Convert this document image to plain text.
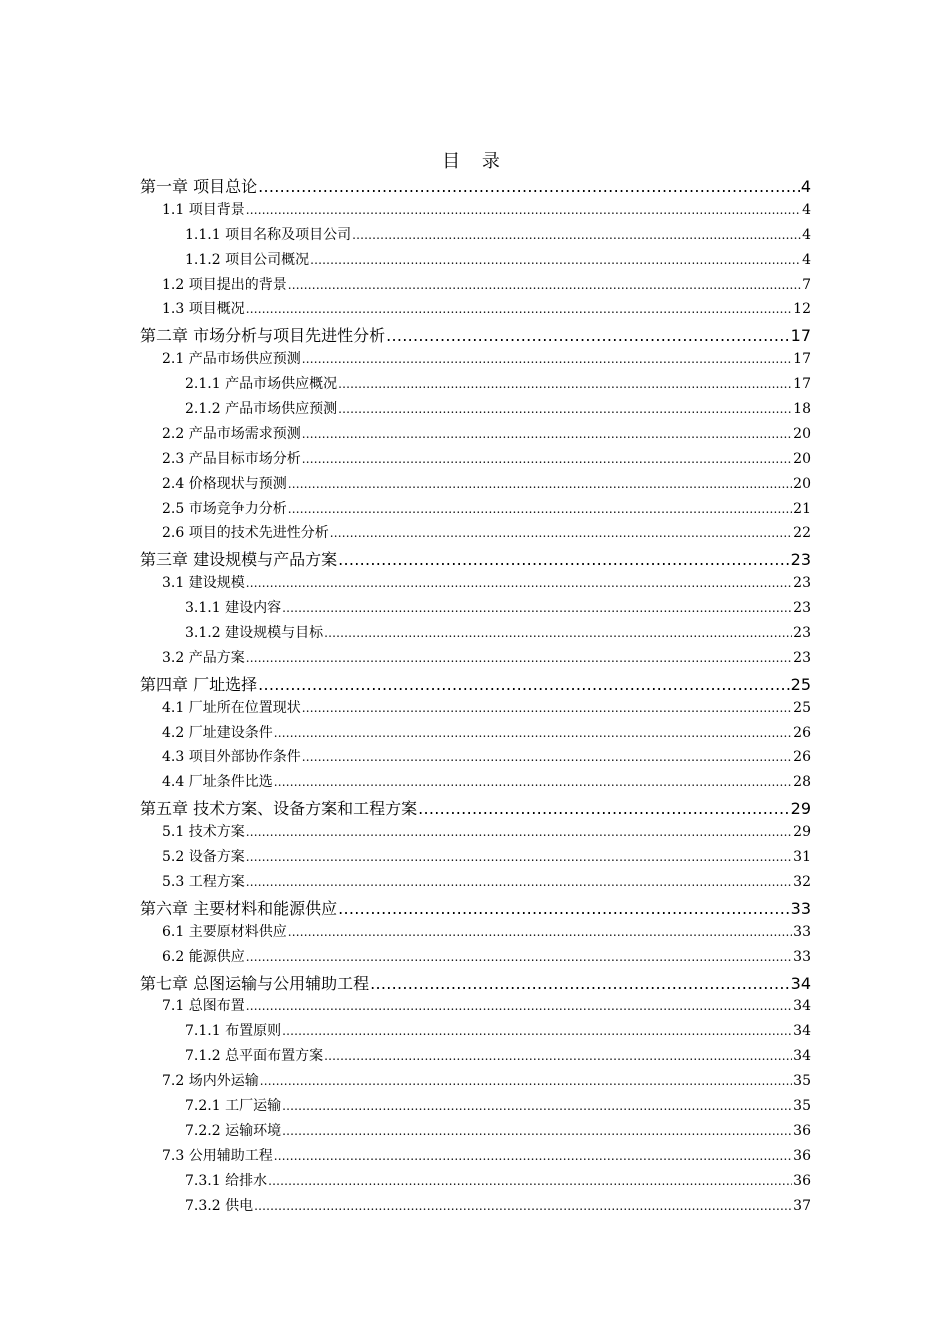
目 录
第一章 项目总论 .....	4
1.1 项目背景 .....	4
1.1.1 项目名称及项目公司 .....	4
1.1.2 项目公司概况 .....	4
1.2 项目提出的背景 .....	7
1.3 项目概况 .....	12
第二章 市场分析与项目先进性分析 .....	17
2.1 产品市场供应预测 .....	17
2.1.1 产品市场供应概况 .....	17
2.1.2 产品市场供应预测 .....	18
2.2 产品市场需求预测 .....	20
2.3 产品目标市场分析 .....	20
2.4 价格现状与预测 .....	20
2.5 市场竞争力分析 .....	21
2.6 项目的技术先进性分析 .....	22
第三章 建设规模与产品方案 .....	23
3.1 建设规模 .....	23
3.1.1 建设内容 .....	23
3.1.2 建设规模与目标 .....	23
3.2 产品方案 .....	23
第四章 厂址选择 .....	25
4.1 厂址所在位置现状 .....	25
4.2 厂址建设条件 .....	26
4.3 项目外部协作条件 .....	26
4.4 厂址条件比选 .....	28
第五章 技术方案、设备方案和工程方案 .....	29
5.1 技术方案 .....	29
5.2 设备方案 .....	31
5.3 工程方案 .....	32
第六章 主要材料和能源供应 .....	33
6.1 主要原材料供应 .....	33
6.2 能源供应 .....	33
第七章 总图运输与公用辅助工程 .....	34
7.1 总图布置 .....	34
7.1.1 布置原则 .....	34
7.1.2 总平面布置方案 .....	34
7.2 场内外运输 .....	35
7.2.1 工厂运输 .....	35
7.2.2 运输环境 .....	36
7.3 公用辅助工程 .....	36
7.3.1 给排水 .....	36
7.3.2 供电 .....	37
